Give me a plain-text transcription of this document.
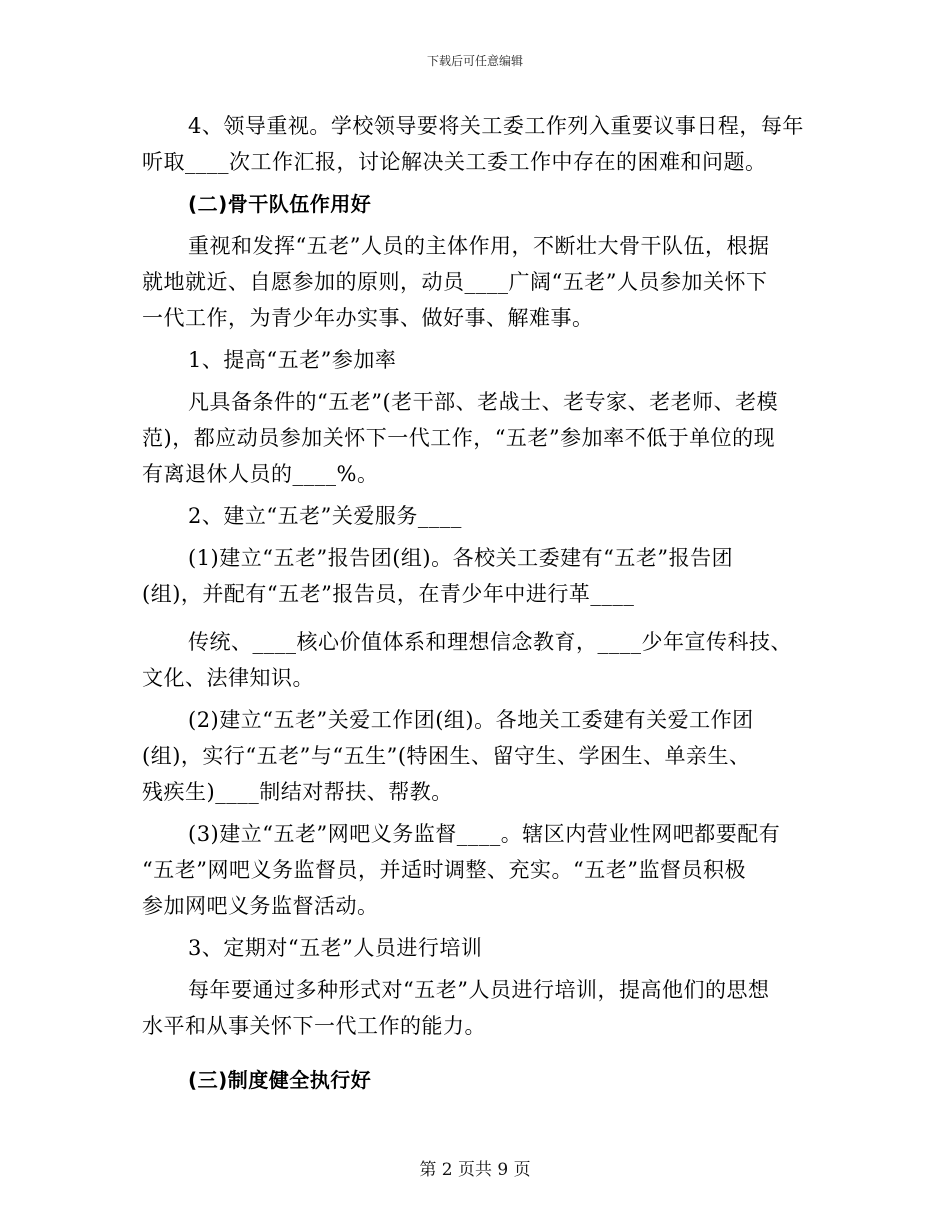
下载后可任意编辑
4、领导重视。学校领导要将关工委工作列入重要议事日程，每年
听取____次工作汇报，讨论解决关工委工作中存在的困难和问题。
(二)骨干队伍作用好
重视和发挥“五老”人员的主体作用，不断壮大骨干队伍，根据
就地就近、自愿参加的原则，动员____广阔“五老”人员参加关怀下
一代工作，为青少年办实事、做好事、解难事。
1、提高“五老”参加率
凡具备条件的“五老”(老干部、老战士、老专家、老老师、老模
范)，都应动员参加关怀下一代工作，“五老”参加率不低于单位的现
有离退休人员的____%。
2、建立“五老”关爱服务____
(1)建立“五老”报告团(组)。各校关工委建有“五老”报告团
(组)，并配有“五老”报告员，在青少年中进行革____
传统、____核心价值体系和理想信念教育，____少年宣传科技、
文化、法律知识。
(2)建立“五老”关爱工作团(组)。各地关工委建有关爱工作团
(组)，实行“五老”与“五生”(特困生、留守生、学困生、单亲生、
残疾生)____制结对帮扶、帮教。
(3)建立“五老”网吧义务监督____。辖区内营业性网吧都要配有
“五老”网吧义务监督员，并适时调整、充实。“五老”监督员积极
参加网吧义务监督活动。
3、定期对“五老”人员进行培训
每年要通过多种形式对“五老”人员进行培训，提高他们的思想
水平和从事关怀下一代工作的能力。
(三)制度健全执行好
第 2 页共 9 页
